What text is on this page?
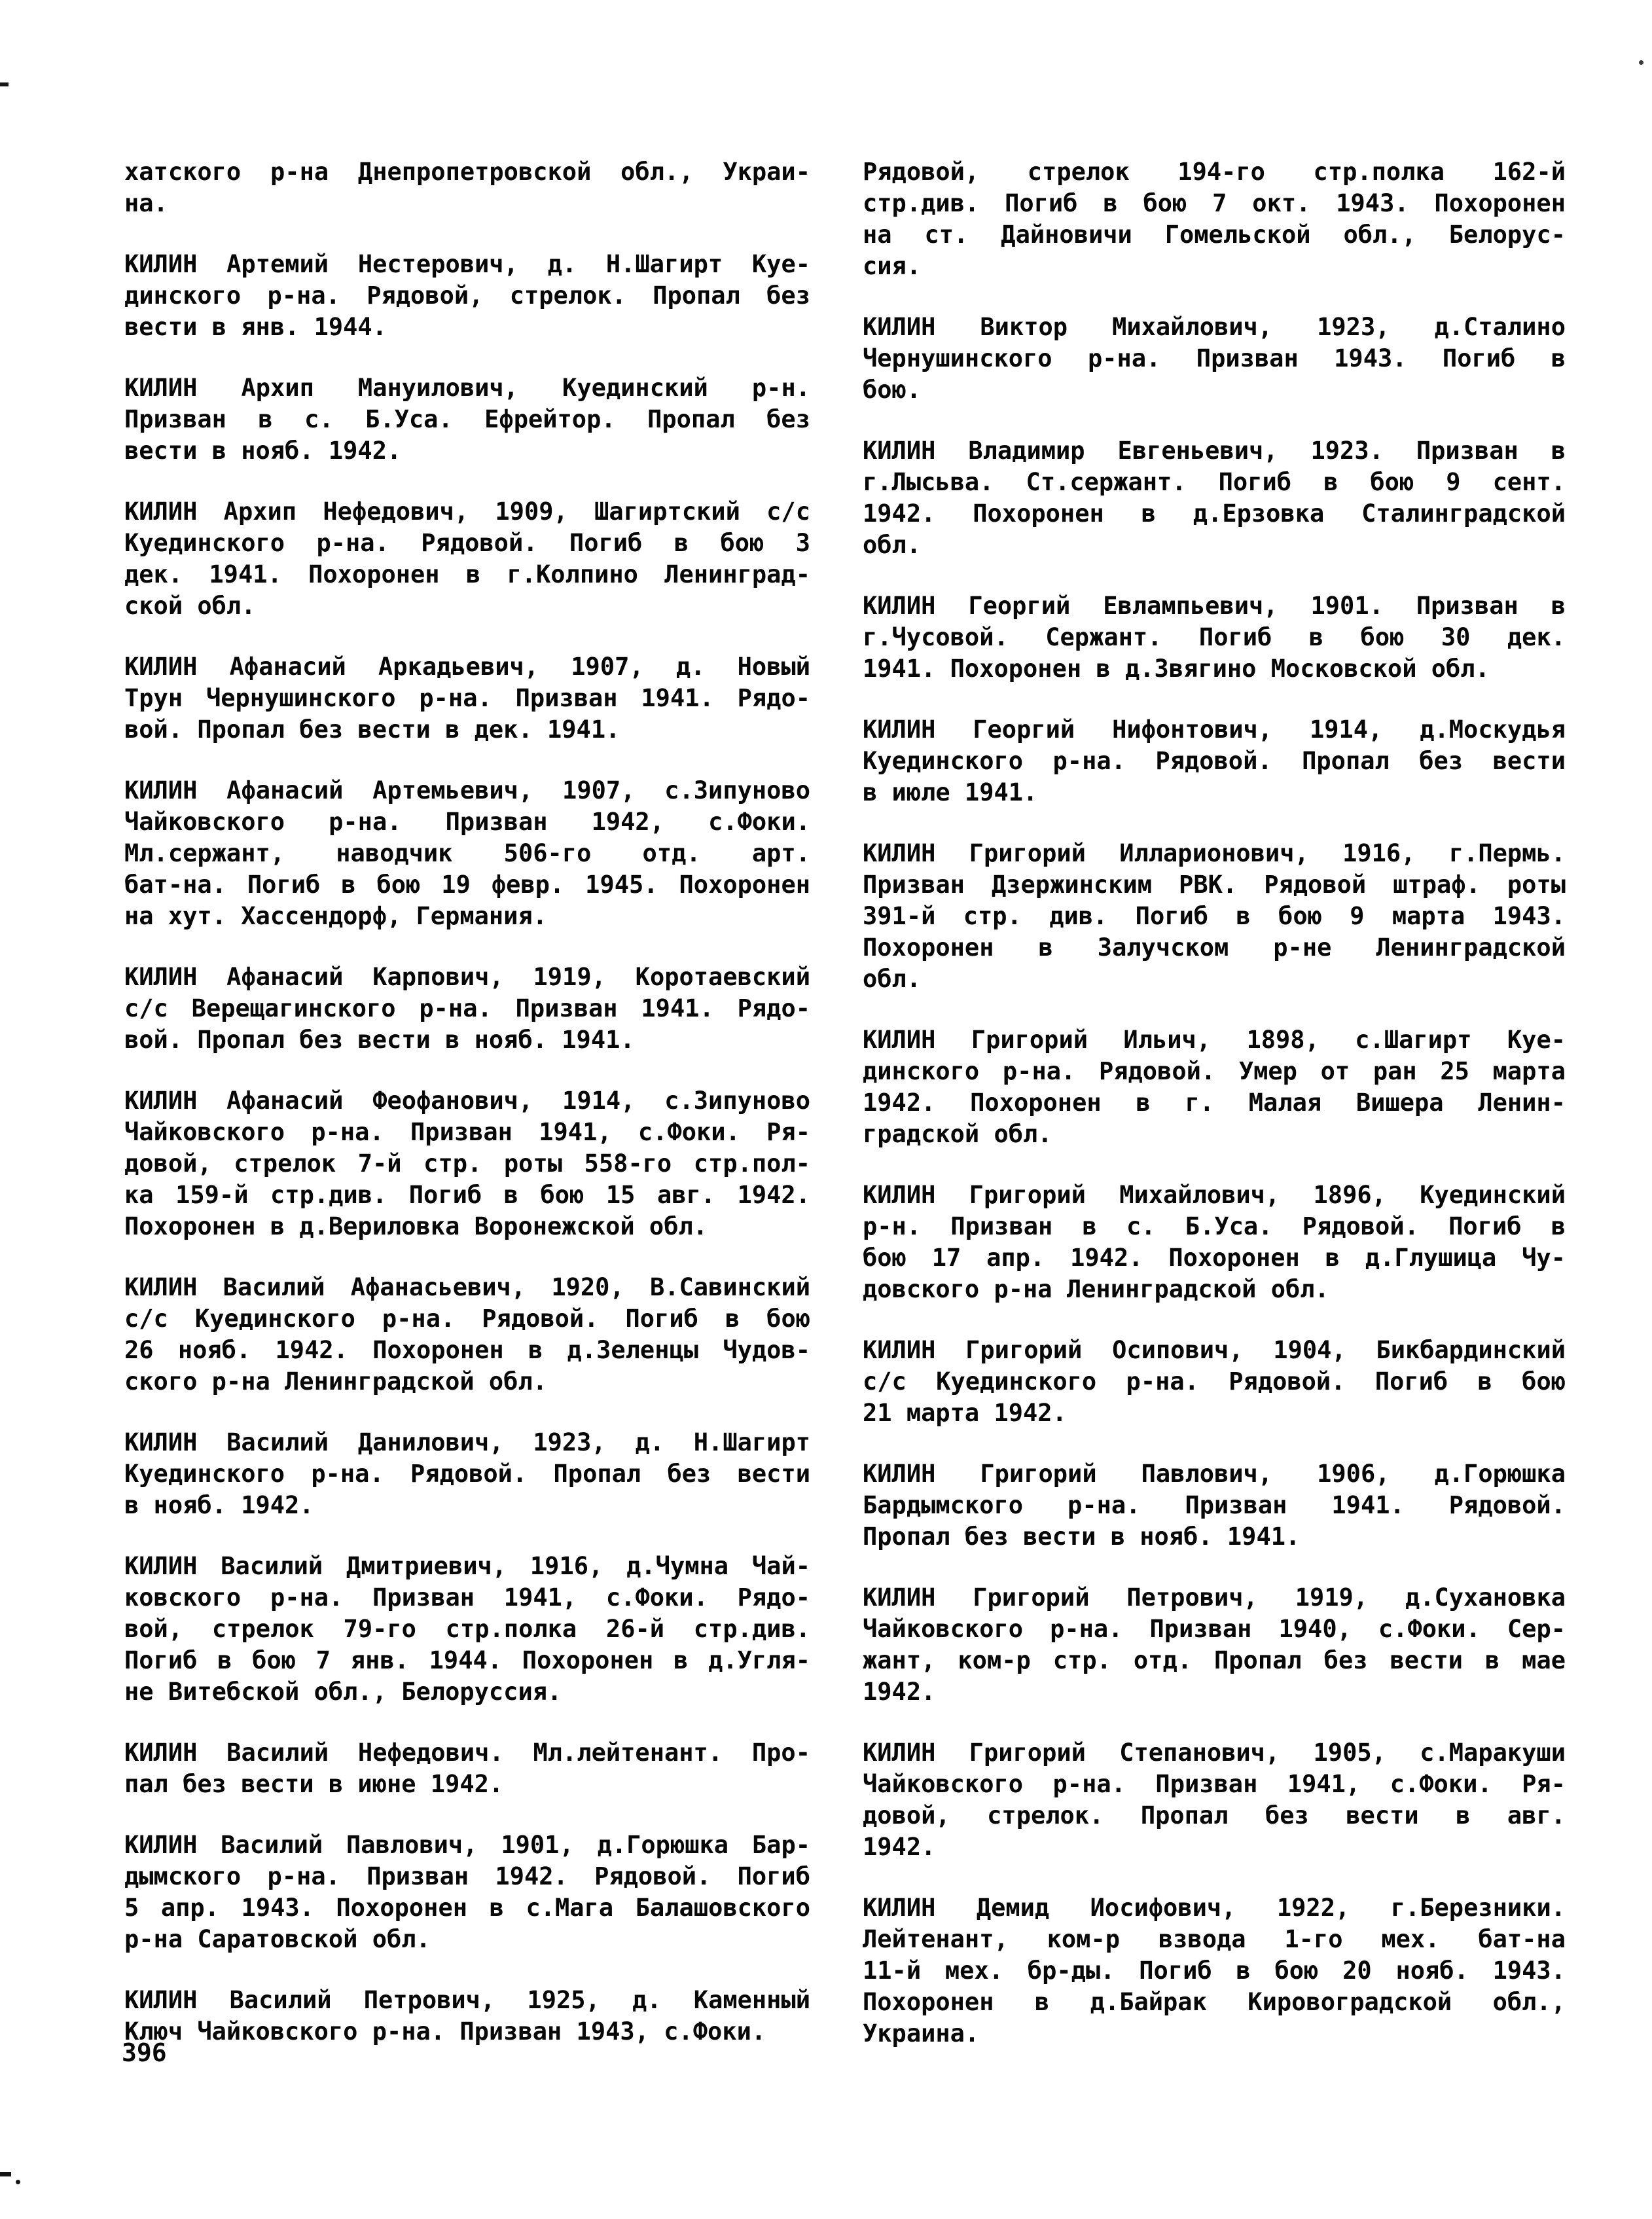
хатского р-на Днепропетровской обл., Украи-
на.
КИЛИН Артемий Нестерович, д. Н.Шагирт Куе-
динского р-на. Рядовой, стрелок. Пропал без
вести в янв. 1944.
КИЛИН Архип Мануилович, Куединский р-н.
Призван в с. Б.Уса. Ефрейтор. Пропал без
вести в нояб. 1942.
КИЛИН Архип Нефедович, 1909, Шагиртский с/с
Куединского р-на. Рядовой. Погиб в бою 3
дек. 1941. Похоронен в г.Колпино Ленинград-
ской обл.
КИЛИН Афанасий Аркадьевич, 1907, д. Новый
Трун Чернушинского р-на. Призван 1941. Рядо-
вой. Пропал без вести в дек. 1941.
КИЛИН Афанасий Артемьевич, 1907, с.Зипуново
Чайковского р-на. Призван 1942, с.Фоки.
Мл.сержант, наводчик 506-го отд. арт.
бат-на. Погиб в бою 19 февр. 1945. Похоронен
на хут. Хассендорф, Германия.
КИЛИН Афанасий Карпович, 1919, Коротаевский
с/с Верещагинского р-на. Призван 1941. Рядо-
вой. Пропал без вести в нояб. 1941.
КИЛИН Афанасий Феофанович, 1914, с.Зипуново
Чайковского р-на. Призван 1941, с.Фоки. Ря-
довой, стрелок 7-й стр. роты 558-го стр.пол-
ка 159-й стр.див. Погиб в бою 15 авг. 1942.
Похоронен в д.Вериловка Воронежской обл.
КИЛИН Василий Афанасьевич, 1920, В.Савинский
с/с Куединского р-на. Рядовой. Погиб в бою
26 нояб. 1942. Похоронен в д.Зеленцы Чудов-
ского р-на Ленинградской обл.
КИЛИН Василий Данилович, 1923, д. Н.Шагирт
Куединского р-на. Рядовой. Пропал без вести
в нояб. 1942.
КИЛИН Василий Дмитриевич, 1916, д.Чумна Чай-
ковского р-на. Призван 1941, с.Фоки. Рядо-
вой, стрелок 79-го стр.полка 26-й стр.див.
Погиб в бою 7 янв. 1944. Похоронен в д.Угля-
не Витебской обл., Белоруссия.
КИЛИН Василий Нефедович. Мл.лейтенант. Про-
пал без вести в июне 1942.
КИЛИН Василий Павлович, 1901, д.Горюшка Бар-
дымского р-на. Призван 1942. Рядовой. Погиб
5 апр. 1943. Похоронен в с.Мага Балашовского
р-на Саратовской обл.
КИЛИН Василий Петрович, 1925, д. Каменный
Ключ Чайковского р-на. Призван 1943, с.Фоки.
Рядовой, стрелок 194-го стр.полка 162-й
стр.див. Погиб в бою 7 окт. 1943. Похоронен
на ст. Дайновичи Гомельской обл., Белорус-
сия.
КИЛИН Виктор Михайлович, 1923, д.Сталино
Чернушинского р-на. Призван 1943. Погиб в
бою.
КИЛИН Владимир Евгеньевич, 1923. Призван в
г.Лысьва. Ст.сержант. Погиб в бою 9 сент.
1942. Похоронен в д.Ерзовка Сталинградской
обл.
КИЛИН Георгий Евлампьевич, 1901. Призван в
г.Чусовой. Сержант. Погиб в бою 30 дек.
1941. Похоронен в д.Звягино Московской обл.
КИЛИН Георгий Нифонтович, 1914, д.Москудья
Куединского р-на. Рядовой. Пропал без вести
в июле 1941.
КИЛИН Григорий Илларионович, 1916, г.Пермь.
Призван Дзержинским РВК. Рядовой штраф. роты
391-й стр. див. Погиб в бою 9 марта 1943.
Похоронен в Залучском р-не Ленинградской
обл.
КИЛИН Григорий Ильич, 1898, с.Шагирт Куе-
динского р-на. Рядовой. Умер от ран 25 марта
1942. Похоронен в г. Малая Вишера Ленин-
градской обл.
КИЛИН Григорий Михайлович, 1896, Куединский
р-н. Призван в с. Б.Уса. Рядовой. Погиб в
бою 17 апр. 1942. Похоронен в д.Глушица Чу-
довского р-на Ленинградской обл.
КИЛИН Григорий Осипович, 1904, Бикбардинский
с/с Куединского р-на. Рядовой. Погиб в бою
21 марта 1942.
КИЛИН Григорий Павлович, 1906, д.Горюшка
Бардымского р-на. Призван 1941. Рядовой.
Пропал без вести в нояб. 1941.
КИЛИН Григорий Петрович, 1919, д.Сухановка
Чайковского р-на. Призван 1940, с.Фоки. Сер-
жант, ком-р стр. отд. Пропал без вести в мае
1942.
КИЛИН Григорий Степанович, 1905, с.Маракуши
Чайковского р-на. Призван 1941, с.Фоки. Ря-
довой, стрелок. Пропал без вести в авг.
1942.
КИЛИН Демид Иосифович, 1922, г.Березники.
Лейтенант, ком-р взвода 1-го мех. бат-на
11-й мех. бр-ды. Погиб в бою 20 нояб. 1943.
Похоронен в д.Байрак Кировоградской обл.,
Украина.
396
